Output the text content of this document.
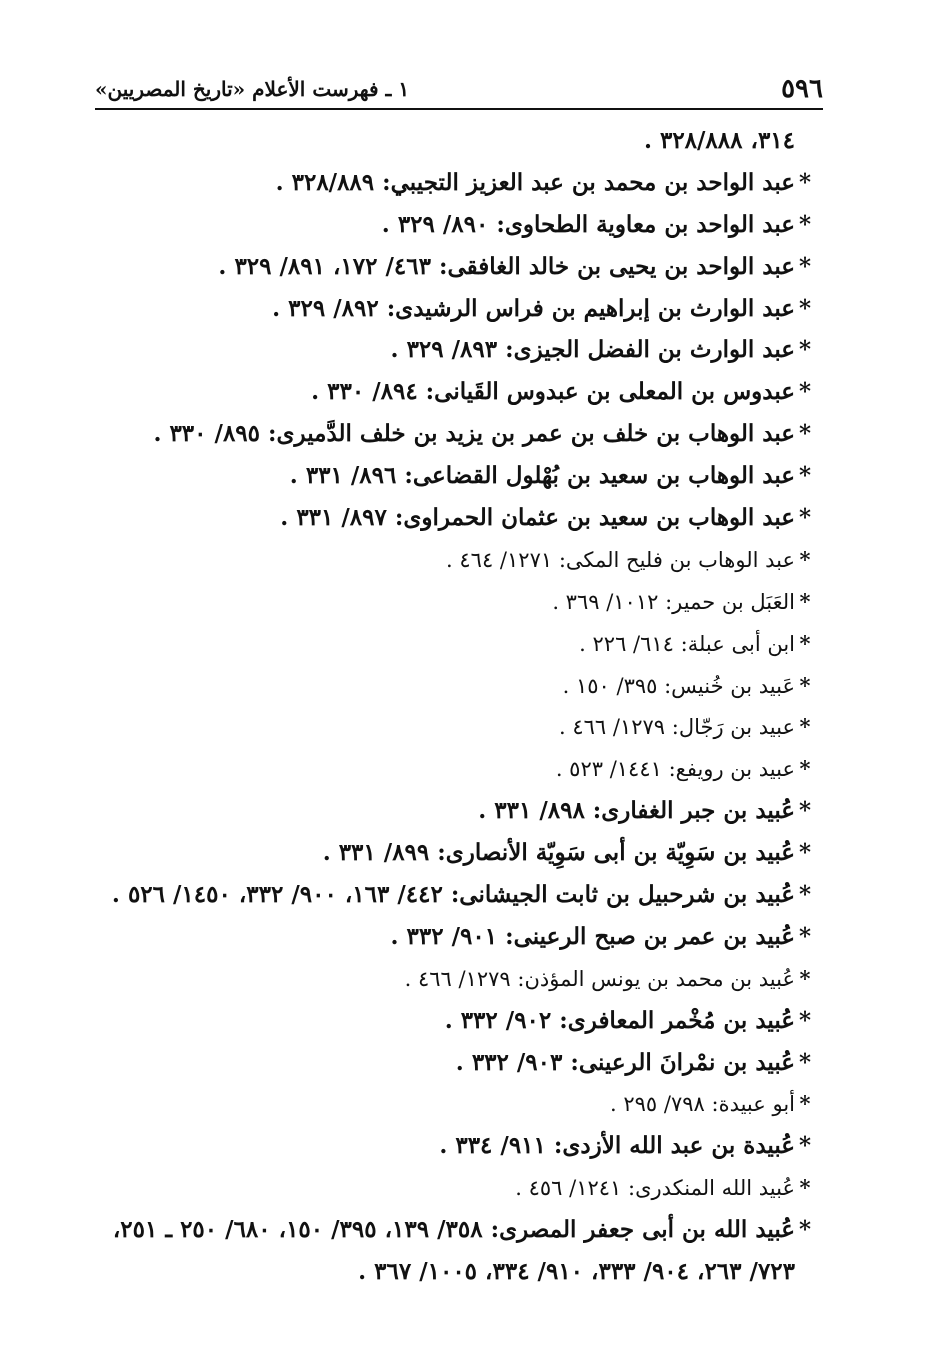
٥٩٦
١ ـ فهرست الأعلام «تاريخ المصريين»
٣١٤، ٣٢٨/٨٨٨ .
*عبد الواحد بن محمد بن عبد العزيز التجيبي: ٣٢٨/٨٨٩ .
*عبد الواحد بن معاوية الطحاوى: ٨٩٠/ ٣٢٩ .
*عبد الواحد بن يحيى بن خالد الغافقى: ٤٦٣/ ١٧٢، ٨٩١/ ٣٢٩ .
*عبد الوارث بن إبراهيم بن فراس الرشيدى: ٨٩٢/ ٣٢٩ .
*عبد الوارث بن الفضل الجيزى: ٨٩٣/ ٣٢٩ .
*عبدوس بن المعلى بن عبدوس القَيانى: ٨٩٤/ ٣٣٠ .
*عبد الوهاب بن خلف بن عمر بن يزيد بن خلف الدَّميرى: ٨٩٥/ ٣٣٠ .
*عبد الوهاب بن سعيد بن بُهْلول القضاعى: ٨٩٦/ ٣٣١ .
*عبد الوهاب بن سعيد بن عثمان الحمراوى: ٨٩٧/ ٣٣١ .
*عبد الوهاب بن فليح المكى: ١٢٧١/ ٤٦٤ .
*العَبَل بن حمير: ١٠١٢/ ٣٦٩ .
*ابن أبى عبلة: ٦١٤/ ٢٢٦ .
*عَبيد بن خُنيس: ٣٩٥/ ١٥٠ .
*عبيد بن رَجّال: ١٢٧٩/ ٤٦٦ .
*عبيد بن رويفع: ١٤٤١/ ٥٢٣ .
*عُبيد بن جبر الغفارى: ٨٩٨/ ٣٣١ .
*عُبيد بن سَوِيّة بن أبى سَوِيّة الأنصارى: ٨٩٩/ ٣٣١ .
*عُبيد بن شرحبيل بن ثابت الجيشانى: ٤٤٢/ ١٦٣، ٩٠٠/ ٣٣٢، ١٤٥٠/ ٥٢٦ .
*عُبيد بن عمر بن صبح الرعينى: ٩٠١/ ٣٣٢ .
*عُبيد بن محمد بن يونس المؤذن: ١٢٧٩/ ٤٦٦ .
*عُبيد بن مُخْمر المعافرى: ٩٠٢/ ٣٣٢ .
*عُبيد بن نمْرانَ الرعينى: ٩٠٣/ ٣٣٢ .
*أبو عبيدة: ٧٩٨/ ٢٩٥ .
*عُبيدة بن عبد الله الأزدى: ٩١١/ ٣٣٤ .
*عُبيد الله المنكدرى: ١٢٤١/ ٤٥٦ .
*عُبيد الله بن أبى جعفر المصرى: ٣٥٨/ ١٣٩، ٣٩٥/ ١٥٠، ٦٨٠/ ٢٥٠ ـ ٢٥١،
٧٢٣/ ٢٦٣، ٩٠٤/ ٣٣٣، ٩١٠/ ٣٣٤، ١٠٠٥/ ٣٦٧ .
